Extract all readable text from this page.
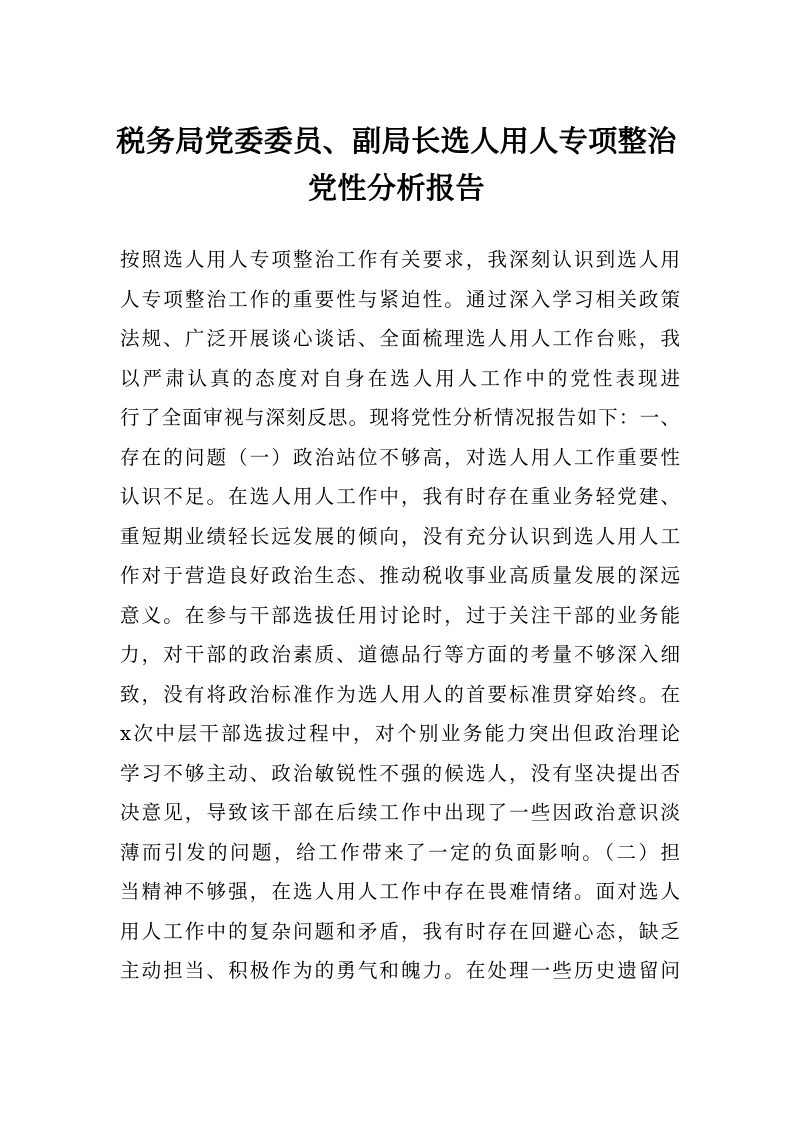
税务局党委委员、副局长选人用人专项整治
党性分析报告
按照选人用人专项整治工作有关要求，我深刻认识到选人用
人专项整治工作的重要性与紧迫性。通过深入学习相关政策
法规、广泛开展谈心谈话、全面梳理选人用人工作台账，我
以严肃认真的态度对自身在选人用人工作中的党性表现进
行了全面审视与深刻反思。现将党性分析情况报告如下：一、
存在的问题（一）政治站位不够高，对选人用人工作重要性
认识不足。在选人用人工作中，我有时存在重业务轻党建、
重短期业绩轻长远发展的倾向，没有充分认识到选人用人工
作对于营造良好政治生态、推动税收事业高质量发展的深远
意义。在参与干部选拔任用讨论时，过于关注干部的业务能
力，对干部的政治素质、道德品行等方面的考量不够深入细
致，没有将政治标准作为选人用人的首要标准贯穿始终。在
x次中层干部选拔过程中，对个别业务能力突出但政治理论
学习不够主动、政治敏锐性不强的候选人，没有坚决提出否
决意见，导致该干部在后续工作中出现了一些因政治意识淡
薄而引发的问题，给工作带来了一定的负面影响。（二）担
当精神不够强，在选人用人工作中存在畏难情绪。面对选人
用人工作中的复杂问题和矛盾，我有时存在回避心态，缺乏
主动担当、积极作为的勇气和魄力。在处理一些历史遗留问
